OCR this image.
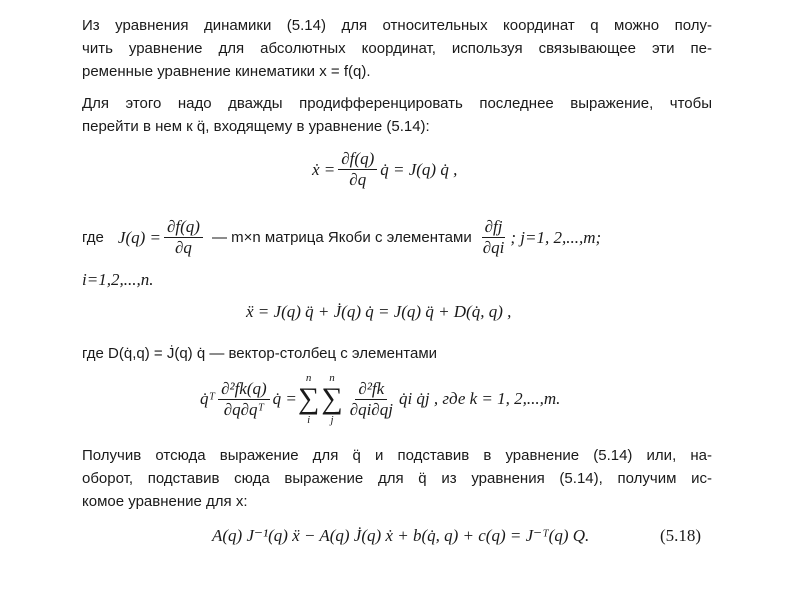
Из уравнения динамики (5.14) для относительных координат q можно полу-
чить уравнение для абсолютных координат, используя связывающее эти пе-
ременные уравнение кинематики x = f(q).
Для этого надо дважды продифференцировать последнее выражение, чтобы
перейти в нем к q̈, входящему в уравнение (5.14):
ẋ = $\frac{\partial f(q)}{\partial q}$ q̇ = J(q) q̇ ,
где $J(q) = \frac{\partial f(q)}{\partial q}$ — m×n матрица Якоби с элементами $\frac{\partial fj}{\partial qi}$ ; j=1, 2,...,m;
i=1,2,...,n.
ẍ = J(q) q̈ + J̇(q) q̇ = J(q) q̈ + D(q̇, q) ,
где D(q̇,q) = J̇(q) q̇ — вектор-столбец с элементами
q̇ᵀ $\frac{\text{∂²fk(q)}}{\text{∂q∂qᵀ}}$ q̇ =
n
∑
i
n
∑
j
$\frac{\text{∂²fk}}{\partial qi\partial qj}$ q̇i q̇j , где k = 1, 2,...,m.
Получив отсюда выражение для q̈ и подставив в уравнение (5.14) или, на-
оборот, подставив сюда выражение для q̈ из уравнения (5.14), получим ис-
комое уравнение для x:
A(q) J⁻¹(q) ẍ − A(q) J̇(q) ẋ + b(q̇, q) + c(q) = J⁻ᵀ(q) Q.	(5.18)
